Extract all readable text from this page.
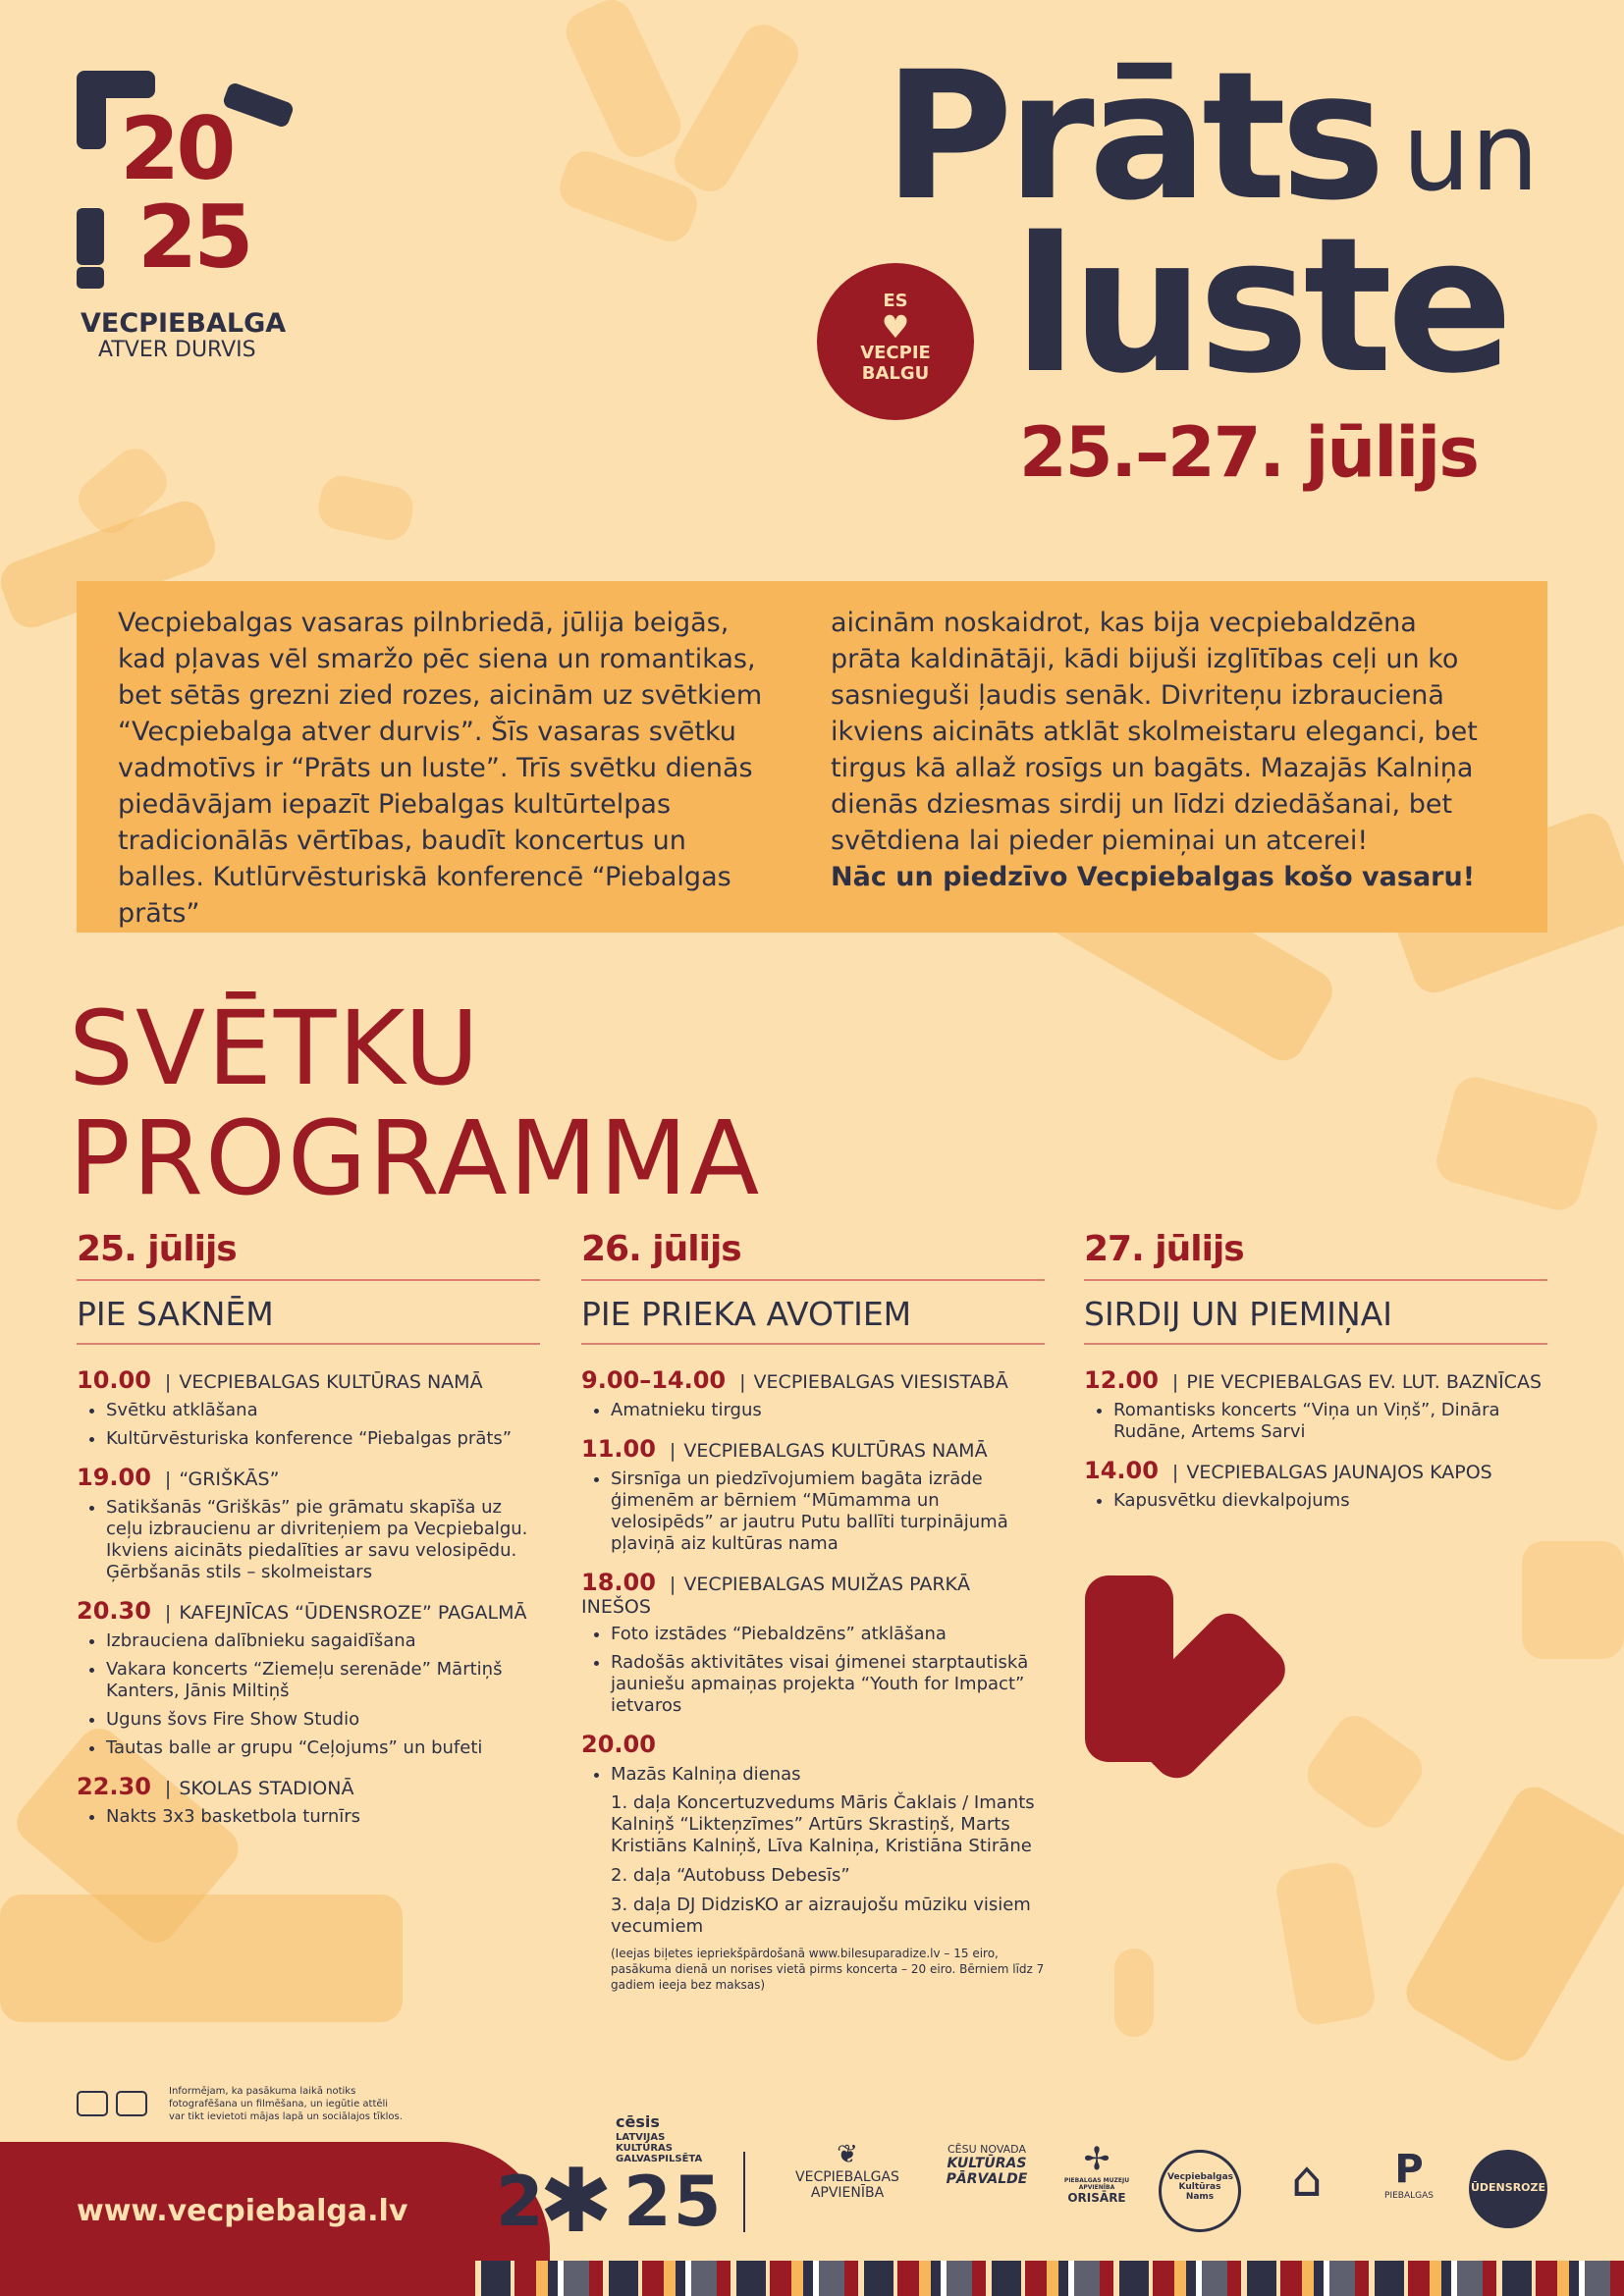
20
25
VECPIEBALGA
ATVER DURVIS
Prāts un
luste
25.–27. jūlijs
ES
♥
VECPIE
BALGU
Vecpiebalgas vasaras pilnbriedā, jūlija beigās, kad pļavas vēl smaržo pēc siena un romantikas, bet sētās grezni zied rozes, aicinām uz svētkiem “Vecpiebalga atver durvis”. Šīs vasaras svētku vadmotīvs ir “Prāts un luste”. Trīs svētku dienās piedāvājam iepazīt Piebalgas kultūrtelpas tradicionālās vērtības, baudīt koncertus un balles. Kutlūrvēsturiskā konferencē “Piebalgas prāts”
aicinām noskaidrot, kas bija vecpiebaldzēna prāta kaldinātāji, kādi bijuši izglītības ceļi un ko sasnieguši ļaudis senāk. Divriteņu izbraucienā ikviens aicināts atklāt skolmeistaru eleganci, bet tirgus kā allaž rosīgs un bagāts. Mazajās Kalniņa dienās dziesmas sirdij un līdzi dziedāšanai, bet svētdiena lai pieder piemiņai un atcerei!
Nāc un piedzīvo Vecpiebalgas košo vasaru!
SVĒTKU
PROGRAMMA
25. jūlijs
PIE SAKNĒM
10.00 | VECPIEBALGAS KULTŪRAS NAMĀ
• Svētku atklāšana
• Kultūrvēsturiska konference “Piebalgas prāts”
19.00 | “GRIŠKĀS”
• Satikšanās “Griškās” pie grāmatu skapīša uz ceļu izbraucienu ar divriteņiem pa Vecpiebalgu. Ikviens aicināts piedalīties ar savu velosipēdu. Ģērbšanās stils – skolmeistars
20.30 | KAFEJNĪCAS “ŪDENSROZE” PAGALMĀ
• Izbrauciena dalībnieku sagaidīšana
• Vakara koncerts “Ziemeļu serenāde” Mārtiņš Kanters, Jānis Miltiņš
• Uguns šovs Fire Show Studio
• Tautas balle ar grupu “Ceļojums” un bufeti
22.30 | SKOLAS STADIONĀ
• Nakts 3x3 basketbola turnīrs
26. jūlijs
PIE PRIEKA AVOTIEM
9.00–14.00 | VECPIEBALGAS VIESISTABĀ
• Amatnieku tirgus
11.00 | VECPIEBALGAS KULTŪRAS NAMĀ
• Sirsnīga un piedzīvojumiem bagāta izrāde ģimenēm ar bērniem “Mūmamma un velosipēds” ar jautru Putu ballīti turpinājumā pļaviņā aiz kultūras nama
18.00 | VECPIEBALGAS MUIŽAS PARKĀ INEŠOS
• Foto izstādes “Piebaldzēns” atklāšana
• Radošās aktivitātes visai ģimenei starptautiskā jauniešu apmaiņas projekta “Youth for Impact” ietvaros
20.00
• Mazās Kalniņa dienas
1. daļa Koncertuzvedums Māris Čaklais / Imants Kalniņš “Likteņzīmes” Artūrs Skrastiņš, Marts Kristiāns Kalniņš, Līva Kalniņa, Kristiāna Stirāne
2. daļa “Autobuss Debesīs”
3. daļa DJ DidzisKO ar aizraujošu mūziku visiem vecumiem
(Ieejas biļetes iepriekšpārdošanā www.bilesuparadize.lv – 15 eiro, pasākuma dienā un norises vietā pirms koncerta – 20 eiro. Bērniem līdz 7 gadiem ieeja bez maksas)
27. jūlijs
SIRDIJ UN PIEMIŅAI
12.00 | PIE VECPIEBALGAS EV. LUT. BAZNĪCAS
• Romantisks koncerts “Viņa un Viņš”, Dināra Rudāne, Artems Sarvi
14.00 | VECPIEBALGAS JAUNAJOS KAPOS
• Kapusvētku dievkalpojums
Informējam, ka pasākuma laikā notiks fotografēšana un filmēšana, un iegūtie attēli var tikt ievietoti mājas lapā un sociālajos tīklos.
www.vecpiebalga.lv
cēsis
LATVIJAS KULTŪRAS GALVASPILSĒTA
2
✱ 25
❦
VECPIEBALGAS APVIENĪBA
CĒSU NOVADA
KULTŪRAS PĀRVALDE
✢
PIEBALGAS MUZEJU APVIENĪBA
ORISĀRE
Vecpiebalgas Kultūras Nams	⌂	P
PIEBALGAS
ŪDENSROZE
